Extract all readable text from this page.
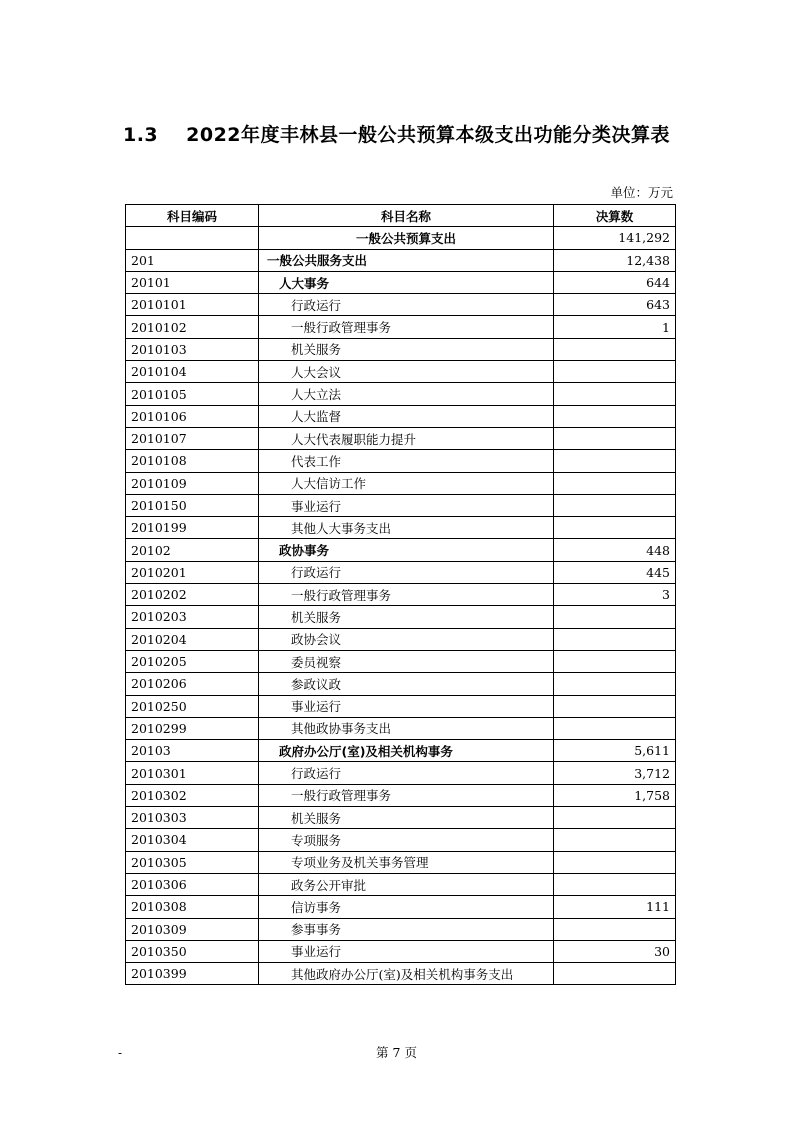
1.3 2022年度丰林县一般公共预算本级支出功能分类决算表
单位：万元
科目编码	科目名称	决算数
	一般公共预算支出	141,292
201	一般公共服务支出	12,438
20101	人大事务	644
2010101	行政运行	643
2010102	一般行政管理事务	1
2010103	机关服务	
2010104	人大会议	
2010105	人大立法	
2010106	人大监督	
2010107	人大代表履职能力提升	
2010108	代表工作	
2010109	人大信访工作	
2010150	事业运行	
2010199	其他人大事务支出	
20102	政协事务	448
2010201	行政运行	445
2010202	一般行政管理事务	3
2010203	机关服务	
2010204	政协会议	
2010205	委员视察	
2010206	参政议政	
2010250	事业运行	
2010299	其他政协事务支出	
20103	政府办公厅(室)及相关机构事务	5,611
2010301	行政运行	3,712
2010302	一般行政管理事务	1,758
2010303	机关服务	
2010304	专项服务	
2010305	专项业务及机关事务管理	
2010306	政务公开审批	
2010308	信访事务	111
2010309	参事事务	
2010350	事业运行	30
2010399	其他政府办公厅(室)及相关机构事务支出	
-	第 7 页
